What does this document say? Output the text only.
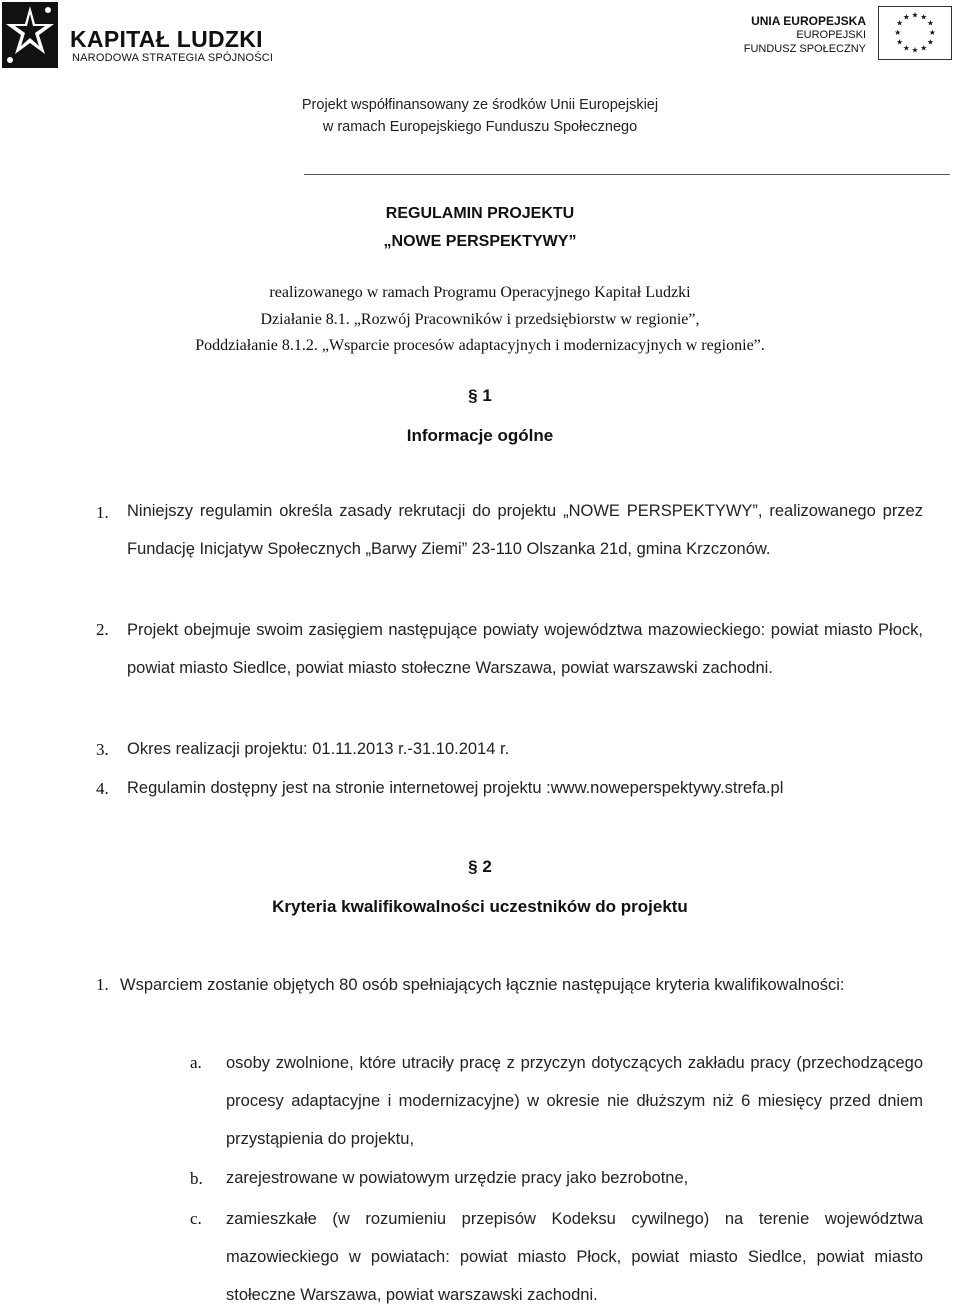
KAPITAŁ LUDZKI
NARODOWA STRATEGIA SPÓJNOŚCI
UNIA EUROPEJSKA
EUROPEJSKI
FUNDUSZ SPOŁECZNY
★ ★
★
★
★
★
★
★
★
★
★
★
Projekt współfinansowany ze środków Unii Europejskiej
w ramach Europejskiego Funduszu Społecznego
REGULAMIN PROJEKTU
„NOWE PERSPEKTYWY”
realizowanego w ramach Programu Operacyjnego Kapitał Ludzki
Działanie 8.1. „Rozwój Pracowników i przedsiębiorstw w regionie”,
Poddziałanie 8.1.2. „Wsparcie procesów adaptacyjnych i modernizacyjnych w regionie”.
§ 1
Informacje ogólne
1. Niniejszy regulamin określa zasady rekrutacji do projektu „NOWE PERSPEKTYWY”, realizowanego przez Fundację Inicjatyw Społecznych „Barwy Ziemi” 23-110 Olszanka 21d, gmina Krzczonów.

2. Projekt obejmuje swoim zasięgiem następujące powiaty województwa mazowieckiego: powiat miasto Płock, powiat miasto Siedlce, powiat miasto stołeczne Warszawa, powiat warszawski zachodni.

3. Okres realizacji projektu: 01.11.2013 r.-31.10.2014 r.
4. Regulamin dostępny jest na stronie internetowej projektu :www.noweperspektywy.strefa.pl
§ 2
Kryteria kwalifikowalności uczestników do projektu
1. Wsparciem zostanie objętych 80 osób spełniających łącznie następujące kryteria kwalifikowalności:

a. osoby zwolnione, które utraciły pracę z przyczyn dotyczących zakładu pracy (przechodzącego procesy adaptacyjne i modernizacyjne) w okresie nie dłuższym niż 6 miesięcy przed dniem przystąpienia do projektu,

b. zarejestrowane w powiatowym urzędzie pracy jako bezrobotne,
c. zamieszkałe (w rozumieniu przepisów Kodeksu cywilnego) na terenie województwa mazowieckiego w powiatach: powiat miasto Płock, powiat miasto Siedlce, powiat miasto stołeczne Warszawa, powiat warszawski zachodni.
